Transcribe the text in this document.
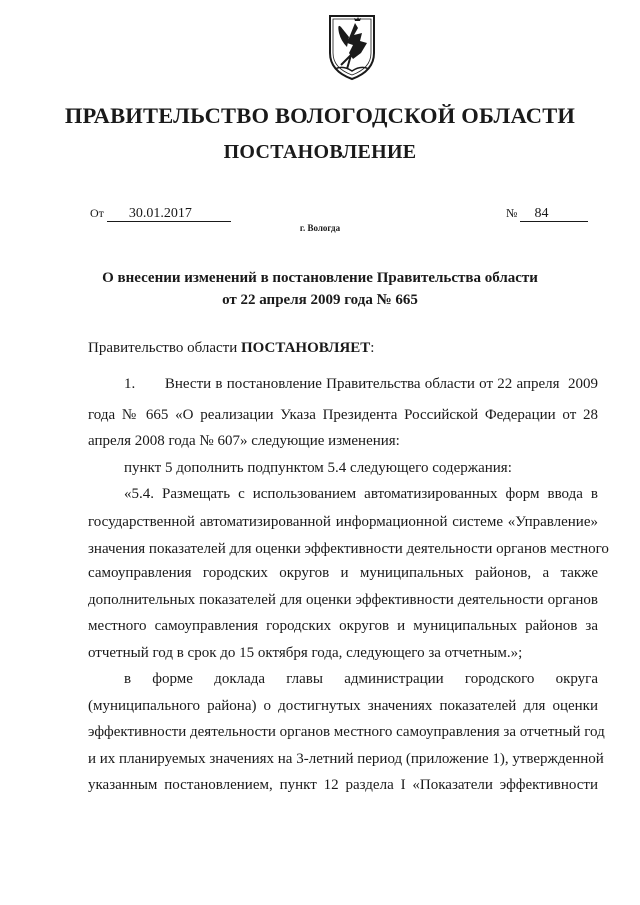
ПРАВИТЕЛЬСТВО ВОЛОГОДСКОЙ ОБЛАСТИ
ПОСТАНОВЛЕНИЕ
От 30.01.2017	№ 84
г. Вологда
О внесении изменений в постановление Правительства области
от 22 апреля 2009 года № 665
Правительство области ПОСТАНОВЛЯЕТ:
1.       Внести в постановление Правительства области от 22 апреля  2009
года № 665 «О реализации Указа Президента Российской Федерации от 28
апреля 2008 года № 607» следующие изменения:
пункт 5 дополнить подпунктом 5.4 следующего содержания:
«5.4. Размещать с использованием автоматизированных форм ввода в
государственной автоматизированной информационной системе «Управление»
значения показателей для оценки эффективности деятельности органов местного
самоуправления городских округов и муниципальных районов, а также
дополнительных показателей для оценки эффективности деятельности органов
местного самоуправления городских округов и муниципальных районов за
отчетный год в срок до 15 октября года, следующего за отчетным.»;
в форме доклада главы администрации городского округа
(муниципального района) о достигнутых значениях показателей для оценки
эффективности деятельности органов местного самоуправления за отчетный год
и их планируемых значениях на 3-летний период (приложение 1), утвержденной
указанным постановлением, пункт 12 раздела I «Показатели эффективности
